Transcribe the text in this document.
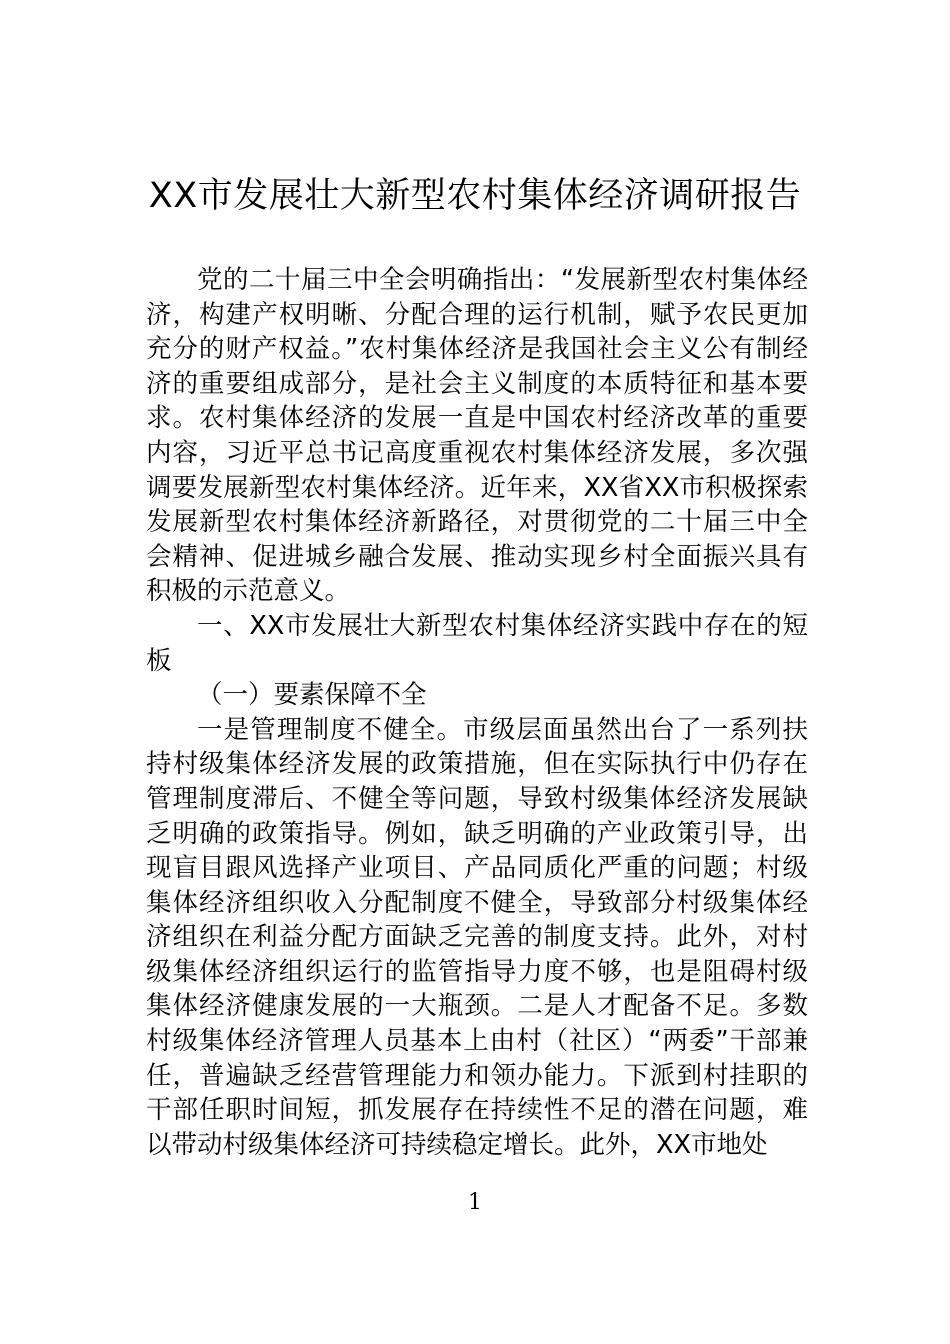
XX市发展壮大新型农村集体经济调研报告

党的二十届三中全会明确指出：“发展新型农村集体经济，构建产权明晰、分配合理的运行机制，赋予农民更加充分的财产权益。”农村集体经济是我国社会主义公有制经济的重要组成部分，是社会主义制度的本质特征和基本要求。农村集体经济的发展一直是中国农村经济改革的重要内容，习近平总书记高度重视农村集体经济发展，多次强调要发展新型农村集体经济。近年来，XX省XX市积极探索发展新型农村集体经济新路径，对贯彻党的二十届三中全会精神、促进城乡融合发展、推动实现乡村全面振兴具有积极的示范意义。

一、XX市发展壮大新型农村集体经济实践中存在的短板

（一）要素保障不全

一是管理制度不健全。市级层面虽然出台了一系列扶持村级集体经济发展的政策措施，但在实际执行中仍存在管理制度滞后、不健全等问题，导致村级集体经济发展缺乏明确的政策指导。例如，缺乏明确的产业政策引导，出现盲目跟风选择产业项目、产品同质化严重的问题；村级集体经济组织收入分配制度不健全，导致部分村级集体经济组织在利益分配方面缺乏完善的制度支持。此外，对村级集体经济组织运行的监管指导力度不够，也是阻碍村级集体经济健康发展的一大瓶颈。二是人才配备不足。多数村级集体经济管理人员基本上由村（社区）“两委”干部兼任，普遍缺乏经营管理能力和领办能力。下派到村挂职的干部任职时间短，抓发展存在持续性不足的潜在问题，难以带动村级集体经济可持续稳定增长。此外，XX市地处

1
